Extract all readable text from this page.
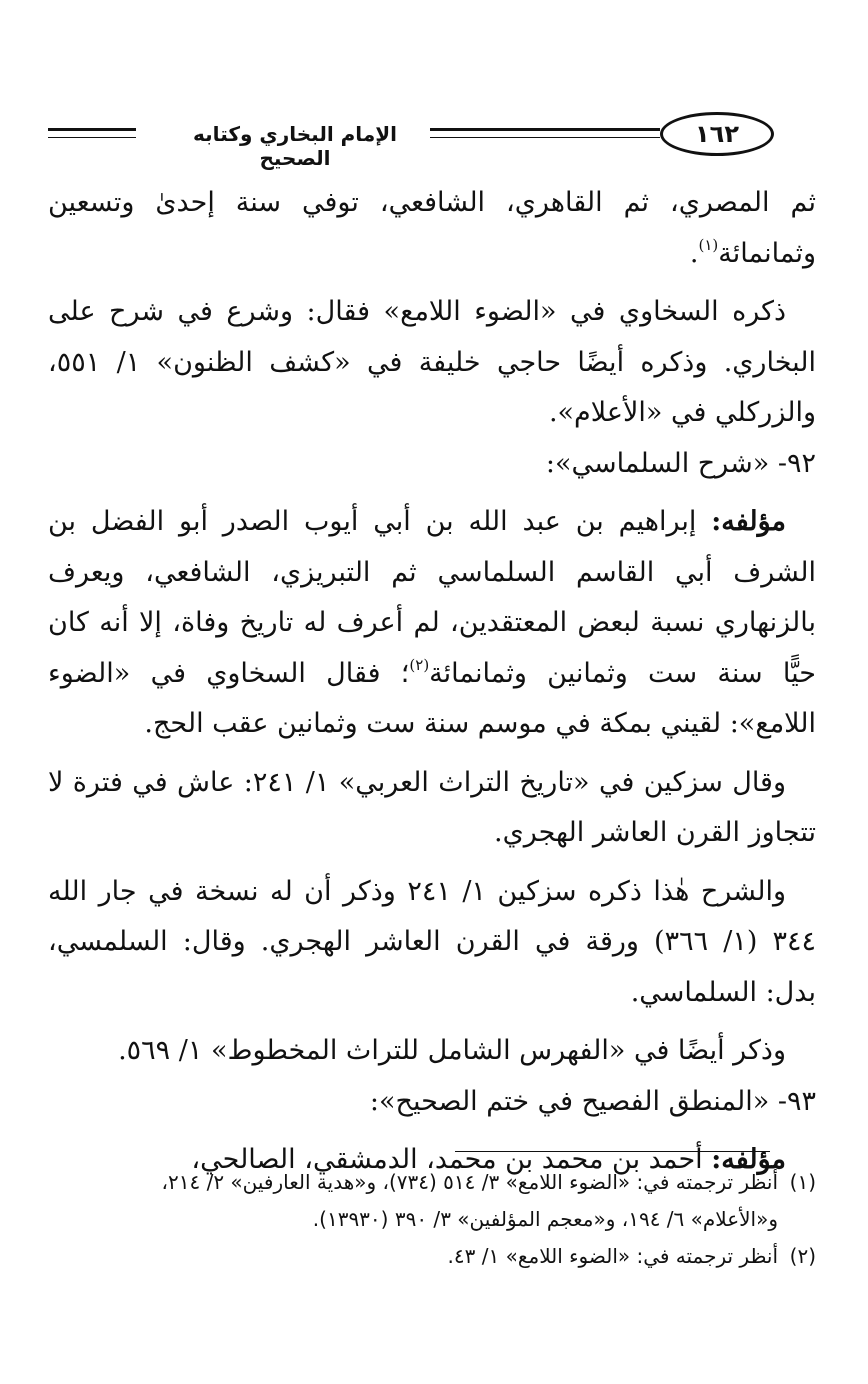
الإمام البخاري وكتابه الصحيح
١٦٢

ثم المصري، ثم القاهري، الشافعي، توفي سنة إحدىٰ وتسعين وثمانمائة$^{(١)}$.

ذكره السخاوي في «الضوء اللامع» فقال: وشرع في شرح على البخاري. وذكره أيضًا حاجي خليفة في «كشف الظنون» ١/ ٥٥١، والزركلي في «الأعلام».

٩٢- «شرح السلماسي»:

مؤلفه: إبراهيم بن عبد الله بن أبي أيوب الصدر أبو الفضل بن الشرف أبي القاسم السلماسي ثم التبريزي، الشافعي، ويعرف بالزنهاري نسبة لبعض المعتقدين، لم أعرف له تاريخ وفاة، إلا أنه كان حيًّا سنة ست وثمانين وثمانمائة$^{(٢)}$؛ فقال السخاوي في «الضوء اللامع»: لقيني بمكة في موسم سنة ست وثمانين عقب الحج.

وقال سزكين في «تاريخ التراث العربي» ١/ ٢٤١: عاش في فترة لا تتجاوز القرن العاشر الهجري.

والشرح هٰذا ذكره سزكين ١/ ٢٤١ وذكر أن له نسخة في جار الله ٣٤٤ (١/ ٣٦٦) ورقة في القرن العاشر الهجري. وقال: السلمسي، بدل: السلماسي.

وذكر أيضًا في «الفهرس الشامل للتراث المخطوط» ١/ ٥٦٩.

٩٣- «المنطق الفصيح في ختم الصحيح»:

مؤلفه: أحمد بن محمد بن محمد، الدمشقي، الصالحي،

(١)أنظر ترجمته في: «الضوء اللامع» ٣/ ٥١٤ (٧٣٤)، و«هدية العارفين» ٢/ ٢١٤،

و«الأعلام» ٦/ ١٩٤، و«معجم المؤلفين» ٣/ ٣٩٠ (١٣٩٣٠).

(٢)أنظر ترجمته في: «الضوء اللامع» ١/ ٤٣.
